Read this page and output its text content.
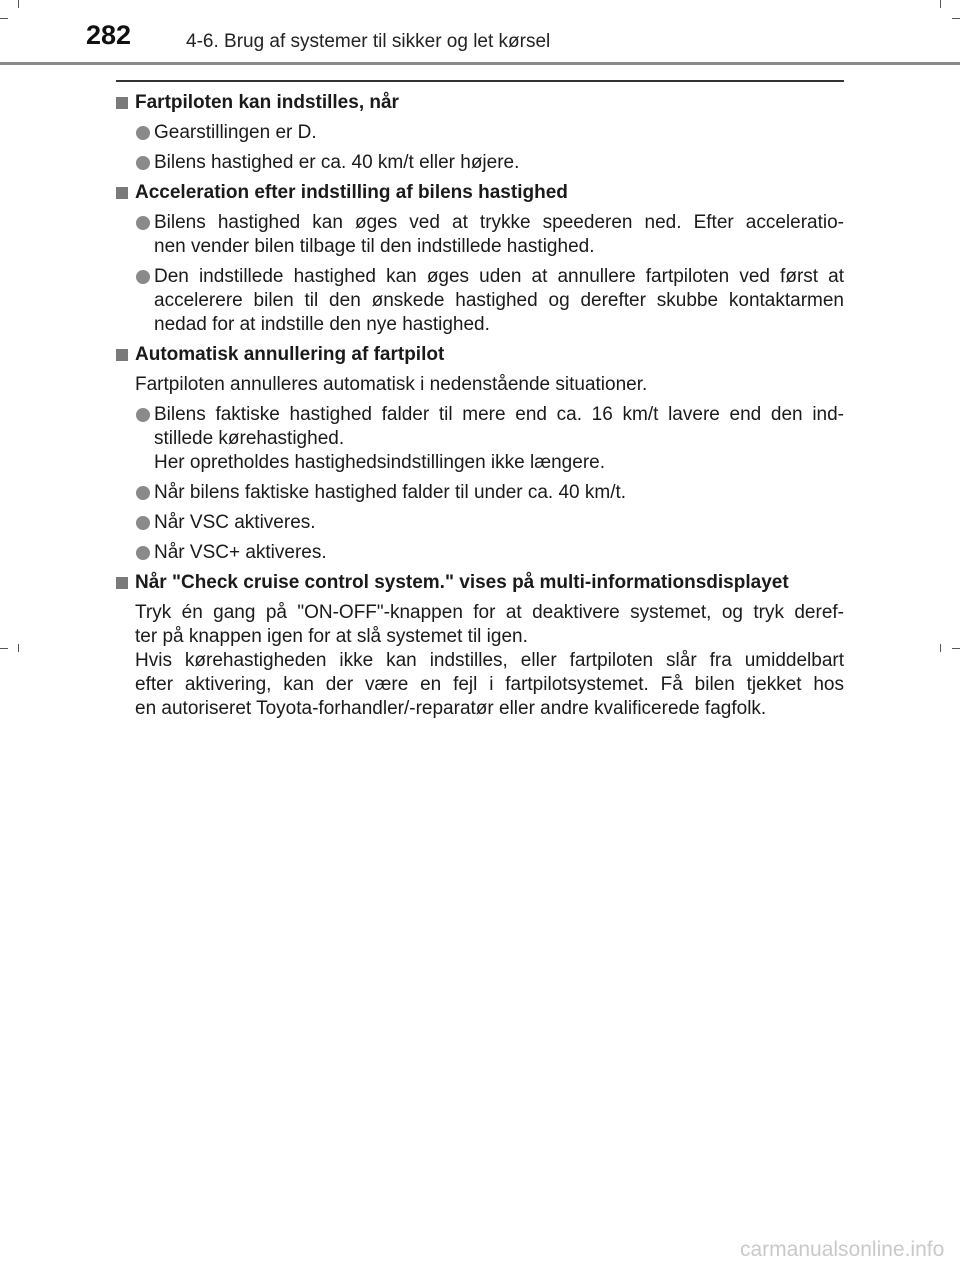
282	4-6. Brug af systemer til sikker og let kørsel
Fartpiloten kan indstilles, når
Gearstillingen er D.
Bilens hastighed er ca. 40 km/t eller højere.
Acceleration efter indstilling af bilens hastighed
Bilens hastighed kan øges ved at trykke speederen ned. Efter acceleratio-
nen vender bilen tilbage til den indstillede hastighed.
Den indstillede hastighed kan øges uden at annullere fartpiloten ved først at
accelerere bilen til den ønskede hastighed og derefter skubbe kontaktarmen
nedad for at indstille den nye hastighed.
Automatisk annullering af fartpilot
Fartpiloten annulleres automatisk i nedenstående situationer.
Bilens faktiske hastighed falder til mere end ca. 16 km/t lavere end den ind-
stillede kørehastighed.
Her opretholdes hastighedsindstillingen ikke længere.
Når bilens faktiske hastighed falder til under ca. 40 km/t.
Når VSC aktiveres.
Når VSC+ aktiveres.
Når "Check cruise control system." vises på multi-informationsdisplayet
Tryk én gang på "ON-OFF"-knappen for at deaktivere systemet, og tryk deref-
ter på knappen igen for at slå systemet til igen.
Hvis kørehastigheden ikke kan indstilles, eller fartpiloten slår fra umiddelbart
efter aktivering, kan der være en fejl i fartpilotsystemet. Få bilen tjekket hos
en autoriseret Toyota-forhandler/-reparatør eller andre kvalificerede fagfolk.
carmanualsonline.info
